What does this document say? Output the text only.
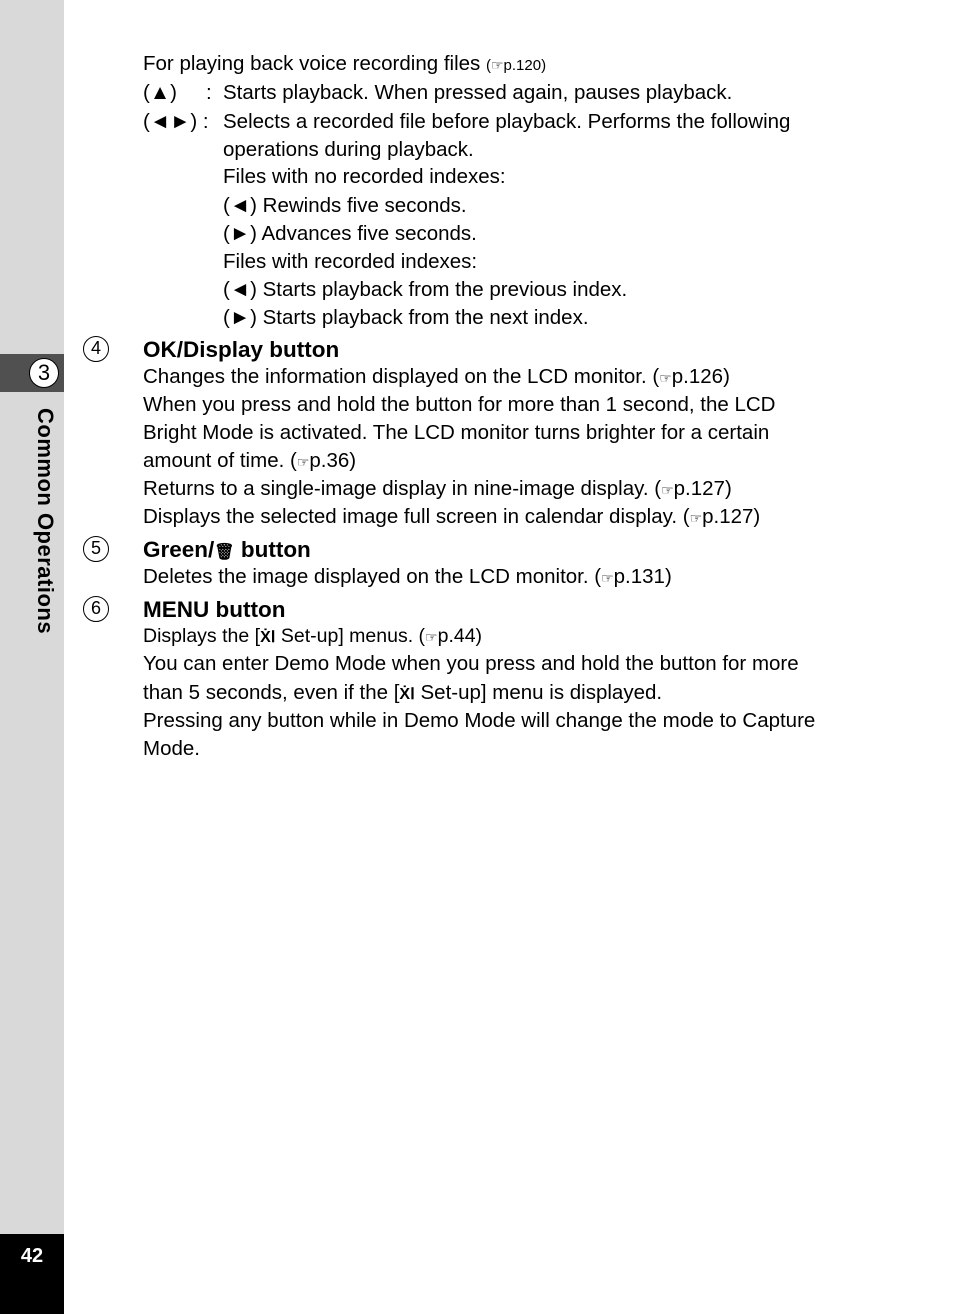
3
Common Operations
42
For playing back voice recording files (☞p.120)
(▲) : Starts playback. When pressed again, pauses playback.
(◄►) : Selects a recorded file before playback. Performs the following
operations during playback.
Files with no recorded indexes:
(◄) Rewinds five seconds.
(►) Advances five seconds.
Files with recorded indexes:
(◄) Starts playback from the previous index.
(►) Starts playback from the next index.
4	OK/Display button
Changes the information displayed on the LCD monitor. (☞p.126)
When you press and hold the button for more than 1 second, the LCD
Bright Mode is activated. The LCD monitor turns brighter for a certain
amount of time. (☞p.36)
Returns to a single-image display in nine-image display. (☞p.127)
Displays the selected image full screen in calendar display. (☞p.127)
5	Green/🗑 button
Deletes the image displayed on the LCD monitor. (☞p.131)
6	MENU button
Displays the [ẊⅠ Set-up] menus. (☞p.44)
You can enter Demo Mode when you press and hold the button for more
than 5 seconds, even if the [ẊⅠ Set-up] menu is displayed.
Pressing any button while in Demo Mode will change the mode to Capture
Mode.
